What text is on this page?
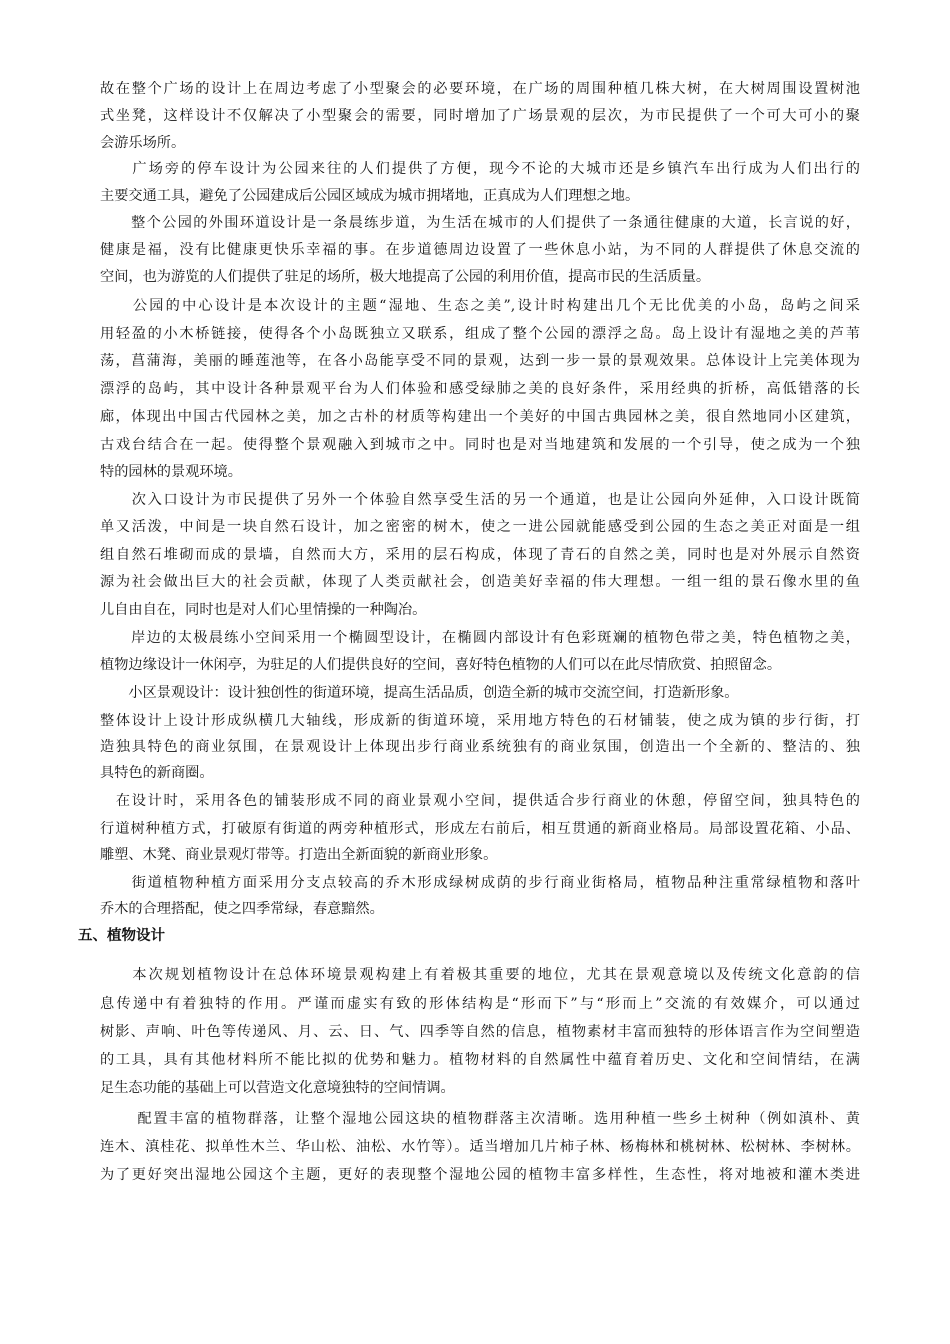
故在整个广场的设计上在周边考虑了小型聚会的必要环境，在广场的周围种植几株大树，在大树周围设置树池
式坐凳，这样设计不仅解决了小型聚会的需要，同时增加了广场景观的层次，为市民提供了一个可大可小的聚
会游乐场所。
　　广场旁的停车设计为公园来往的人们提供了方便，现今不论的大城市还是乡镇汽车出行成为人们出行的
主要交通工具，避免了公园建成后公园区域成为城市拥堵地，正真成为人们理想之地。
　　整个公园的外围环道设计是一条晨练步道，为生活在城市的人们提供了一条通往健康的大道，长言说的好，
健康是福，没有比健康更快乐幸福的事。在步道德周边设置了一些休息小站，为不同的人群提供了休息交流的
空间，也为游览的人们提供了驻足的场所，极大地提高了公园的利用价值，提高市民的生活质量。
　　公园的中心设计是本次设计的主题“湿地、生态之美”,设计时构建出几个无比优美的小岛，岛屿之间采
用轻盈的小木桥链接，使得各个小岛既独立又联系，组成了整个公园的漂浮之岛。岛上设计有湿地之美的芦苇
荡，菖蒲海，美丽的睡莲池等，在各小岛能享受不同的景观，达到一步一景的景观效果。总体设计上完美体现为
漂浮的岛屿，其中设计各种景观平台为人们体验和感受绿肺之美的良好条件，采用经典的折桥，高低错落的长
廊，体现出中国古代园林之美，加之古朴的材质等构建出一个美好的中国古典园林之美，很自然地同小区建筑，
古戏台结合在一起。使得整个景观融入到城市之中。同时也是对当地建筑和发展的一个引导，使之成为一个独
特的园林的景观环境。
　　次入口设计为市民提供了另外一个体验自然享受生活的另一个通道，也是让公园向外延伸，入口设计既简
单又活泼，中间是一块自然石设计，加之密密的树木，使之一进公园就能感受到公园的生态之美正对面是一组
组自然石堆砌而成的景墙，自然而大方，采用的层石构成，体现了青石的自然之美，同时也是对外展示自然资
源为社会做出巨大的社会贡献，体现了人类贡献社会，创造美好幸福的伟大理想。一组一组的景石像水里的鱼
儿自由自在，同时也是对人们心里情操的一种陶冶。
　　岸边的太极晨练小空间采用一个椭圆型设计，在椭圆内部设计有色彩斑斓的植物色带之美，特色植物之美，
植物边缘设计一休闲亭，为驻足的人们提供良好的空间，喜好特色植物的人们可以在此尽情欣赏、拍照留念。
　　小区景观设计：设计独创性的街道环境，提高生活品质，创造全新的城市交流空间，打造新形象。
整体设计上设计形成纵横几大轴线，形成新的街道环境，采用地方特色的石材铺装，使之成为镇的步行街，打
造独具特色的商业氛围，在景观设计上体现出步行商业系统独有的商业氛围，创造出一个全新的、整洁的、独
具特色的新商圈。
　在设计时，采用各色的铺装形成不同的商业景观小空间，提供适合步行商业的休憩，停留空间，独具特色的
行道树种植方式，打破原有街道的两旁种植形式，形成左右前后，相互贯通的新商业格局。局部设置花箱、小品、
雕塑、木凳、商业景观灯带等。打造出全新面貌的新商业形象。
　　街道植物种植方面采用分支点较高的乔木形成绿树成荫的步行商业街格局，植物品种注重常绿植物和落叶
乔木的合理搭配，使之四季常绿，春意黯然。
五、植物设计
　　本次规划植物设计在总体环境景观构建上有着极其重要的地位，尤其在景观意境以及传统文化意韵的信
息传递中有着独特的作用。严谨而虚实有致的形体结构是“形而下”与“形而上”交流的有效媒介，可以通过
树影、声响、叶色等传递风、月、云、日、气、四季等自然的信息，植物素材丰富而独特的形体语言作为空间塑造
的工具，具有其他材料所不能比拟的优势和魅力。植物材料的自然属性中蕴育着历史、文化和空间情结，在满
足生态功能的基础上可以营造文化意境独特的空间情调。
　　 配置丰富的植物群落，让整个湿地公园这块的植物群落主次清晰。选用种植一些乡土树种（例如滇朴、黄
连木、滇桂花、拟单性木兰、华山松、油松、水竹等）。适当增加几片柿子林、杨梅林和桃树林、松树林、李树林。
为了更好突出湿地公园这个主题，更好的表现整个湿地公园的植物丰富多样性，生态性，将对地被和灌木类进
